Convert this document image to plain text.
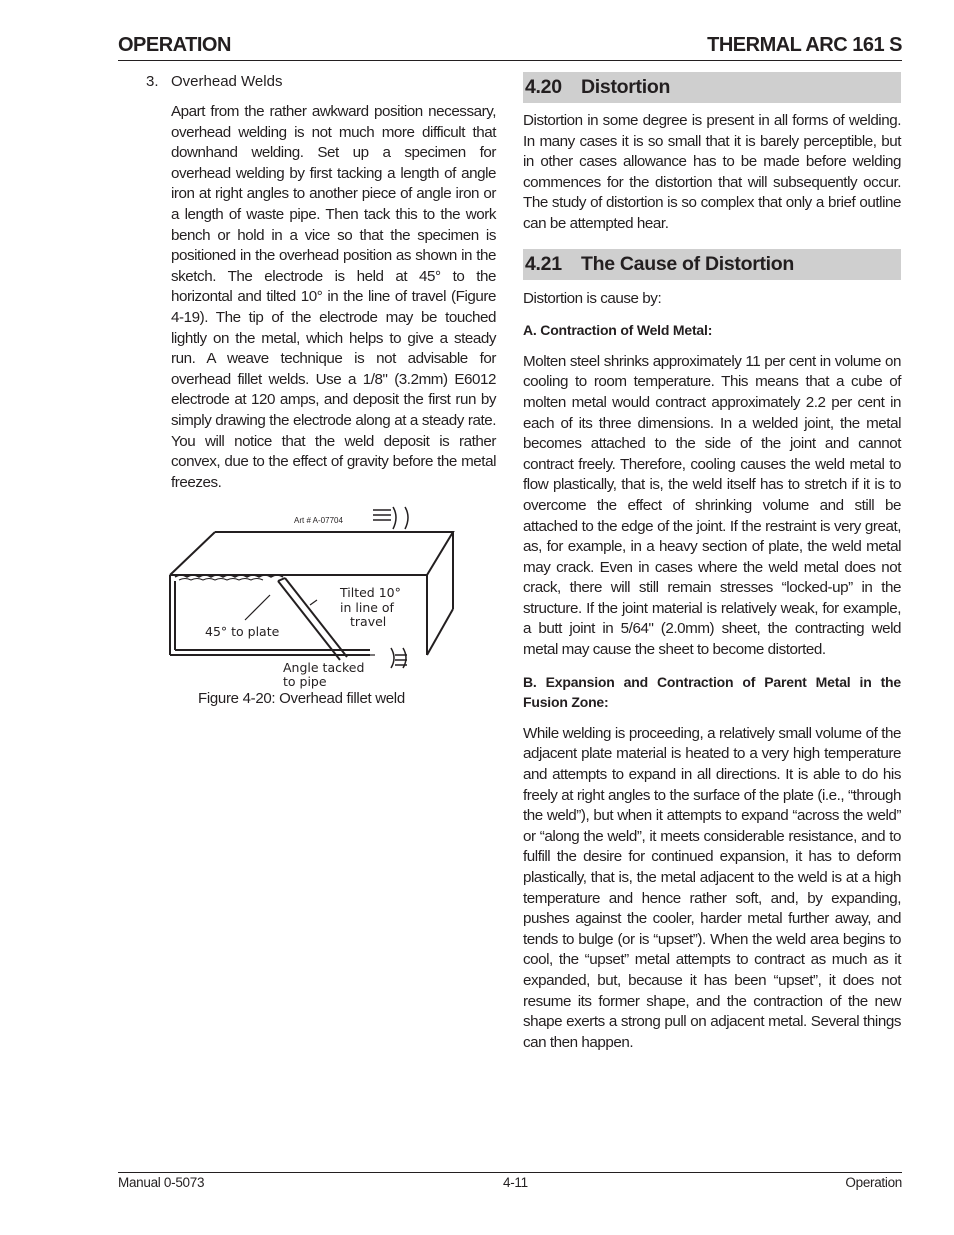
OPERATION	THERMAL ARC 161 S
3. Overhead Welds

Apart from the rather awkward position necessary, overhead welding is not much more difficult that downhand welding. Set up a specimen for overhead welding by first tacking a length of angle iron at right angles to another piece of angle iron or a length of waste pipe. Then tack this to the work bench or hold in a vice so that the specimen is positioned in the overhead position as shown in the sketch. The electrode is held at 45° to the horizontal and tilted 10° in the line of travel (Figure 4-19). The tip of the electrode may be touched lightly on the metal, which helps to give a steady run. A weave technique is not advisable for overhead fillet welds. Use a 1/8" (3.2mm) E6012 electrode at 120 amps, and deposit the first run by simply drawing the electrode along at a steady rate. You will notice that the weld deposit is rather convex, due to the effect of gravity before the metal freezes.

Art # A-07704
Tilted 10°
in line of
travel
45° to plate
Angle tacked
to pipe
Figure 4-20: Overhead fillet weld
4.20 Distortion

Distortion in some degree is present in all forms of welding. In many cases it is so small that it is barely perceptible, but in other cases allowance has to be made before welding commences for the distortion that will subsequently occur. The study of distortion is so complex that only a brief outline can be attempted hear.

4.21 The Cause of Distortion

Distortion is cause by:

A. Contraction of Weld Metal:

Molten steel shrinks approximately 11 per cent in volume on cooling to room temperature. This means that a cube of molten metal would contract approximately 2.2 per cent in each of its three dimensions. In a welded joint, the metal becomes attached to the side of the joint and cannot contract freely. Therefore, cooling causes the weld metal to flow plastically, that is, the weld itself has to stretch if it is to overcome the effect of shrinking volume and still be attached to the edge of the joint. If the restraint is very great, as, for example, in a heavy section of plate, the weld metal may crack. Even in cases where the weld metal does not crack, there will still remain stresses “locked-up” in the structure. If the joint material is relatively weak, for example, a butt joint in 5/64" (2.0mm) sheet, the contracting weld metal may cause the sheet to become distorted.

B. Expansion and Contraction of Parent Metal in the Fusion Zone:

While welding is proceeding, a relatively small volume of the adjacent plate material is heated to a very high temperature and attempts to expand in all directions. It is able to do his freely at right angles to the surface of the plate (i.e., “through the weld”), but when it attempts to expand “across the weld” or “along the weld”, it meets considerable resistance, and to fulfill the desire for continued expansion, it has to deform plastically, that is, the metal adjacent to the weld is at a high temperature and hence rather soft, and, by expanding, pushes against the cooler, harder metal further away, and tends to bulge (or is “upset”). When the weld area begins to cool, the “upset” metal attempts to contract as much as it expanded, but, because it has been “upset”, it does not resume its former shape, and the contraction of the new shape exerts a strong pull on adjacent metal. Several things can then happen.

Manual 0-5073	4-11	Operation
